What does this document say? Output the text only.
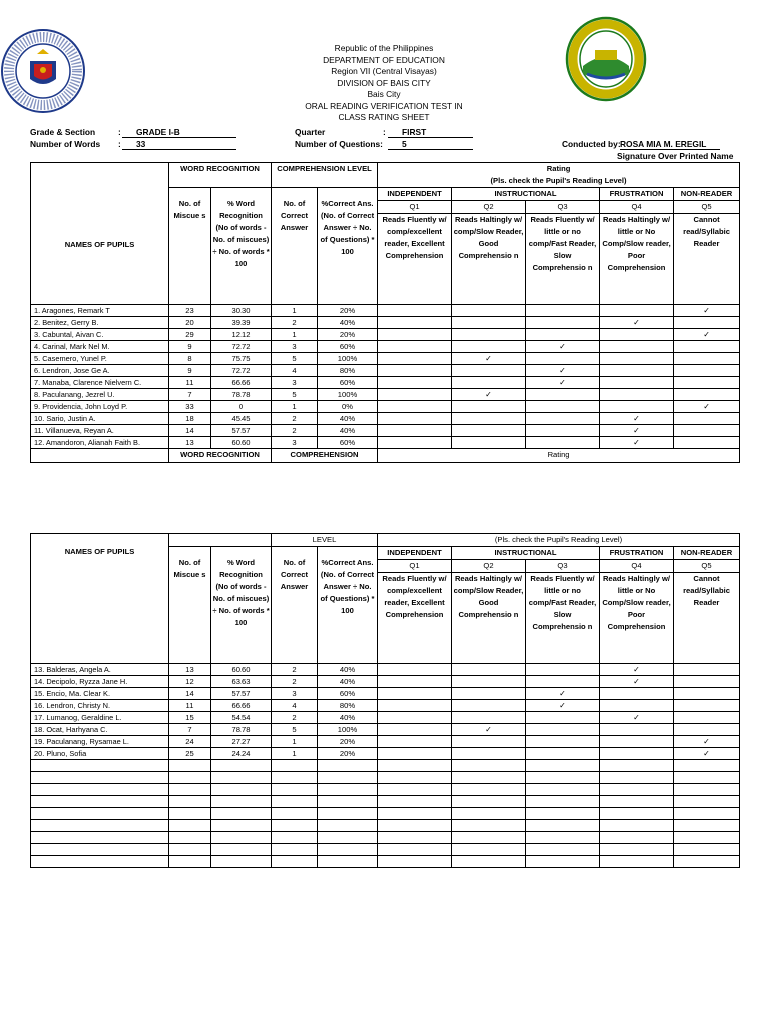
Republic of the Philippines
DEPARTMENT OF EDUCATION
Region VII (Central Visayas)
DIVISION OF BAIS CITY
Bais City
ORAL READING VERIFICATION TEST IN
CLASS RATING SHEET
Grade & Section	:	GRADE I-B
Number of Words :	33
Quarter	:	FIRST
Number of Questions:	5	Conducted by: ROSA MIA M. EREGIL
Signature Over Printed Name
NAMES OF PUPILS	WORD RECOGNITION		COMPREHENSION LEVEL		Rating
(Pls. check the Pupil's Reading Level)				

	No. of Miscue s	% Word Recognition (No of words - No. of miscues) ÷ No. of words * 100	No. of Correct Answer	%Correct Ans. (No. of Correct Answer ÷ No. of Questions) * 100	INDEPENDENT	INSTRUCTIONAL		FRUSTRATION	NON-READER
					Q1	Q2	Q3	Q4	Q5
					Reads Fluently w/ comp/excellent reader, Excellent Comprehension	Reads Haltingly w/ comp/Slow Reader, Good Comprehensio n	Reads Fluently w/ little or no comp/Fast Reader, Slow Comprehensio n	Reads Haltingly w/ little or No Comp/Slow reader, Poor Comprehension	Cannot read/Syllabic Reader
1. Aragones, Remark T	23	30.30	1	20%					✓
2. Benitez, Gerry B.	20	39.39	2	40%				✓	
3. Cabuntal, Aivan C.	29	12.12	1	20%					✓
4. Carinal, Mark Nel M.	9	72.72	3	60%			✓		
5. Casemero, Yunel P.	8	75.75	5	100%		✓			
6. Lendron, Jose Ge A.	9	72.72	4	80%			✓		
7. Manaba, Clarence Nielvern C.	11	66.66	3	60%			✓		
8. Paculanang, Jezrel U.	7	78.78	5	100%		✓			
9. Providencia, John Loyd P.	33	0	1	0%					✓
10. Sario, Justin A.	18	45.45	2	40%				✓	
11. Villanueva, Reyan A.	14	57.57	2	40%				✓	
12. Amandoron, Alianah Faith B.	13	60.60	3	60%				✓	
	WORD RECOGNITION		COMPREHENSION		Rating				
NAMES OF PUPILS			LEVEL		(Pls. check the Pupil's Reading Level)				
	No. of Miscue s	% Word Recognition (No of words - No. of miscues) ÷ No. of words * 100	No. of Correct Answer	%Correct Ans. (No. of Correct Answer ÷ No. of Questions) * 100	INDEPENDENT	INSTRUCTIONAL		FRUSTRATION	NON-READER
					Q1	Q2	Q3	Q4	Q5
					Reads Fluently w/ comp/excellent reader, Excellent Comprehension	Reads Haltingly w/ comp/Slow Reader, Good Comprehensio n	Reads Fluently w/ little or no comp/Fast Reader, Slow Comprehensio n	Reads Haltingly w/ little or No Comp/Slow reader, Poor Comprehension	Cannot read/Syllabic Reader
13. Balderas, Angela A.	13	60.60	2	40%				✓	
14. Decipolo, Ryzza Jane H.	12	63.63	2	40%				✓	
15. Encio, Ma. Clear K.	14	57.57	3	60%			✓		
16. Lendron, Christy N.	11	66.66	4	80%			✓		
17. Lumanog, Geraldine L.	15	54.54	2	40%				✓	
18. Ocat, Harhyana C.	7	78.78	5	100%		✓			
19. Paculanang, Rysamae L.	24	27.27	1	20%					✓
20. Pluno, Sofia	25	24.24	1	20%					✓
